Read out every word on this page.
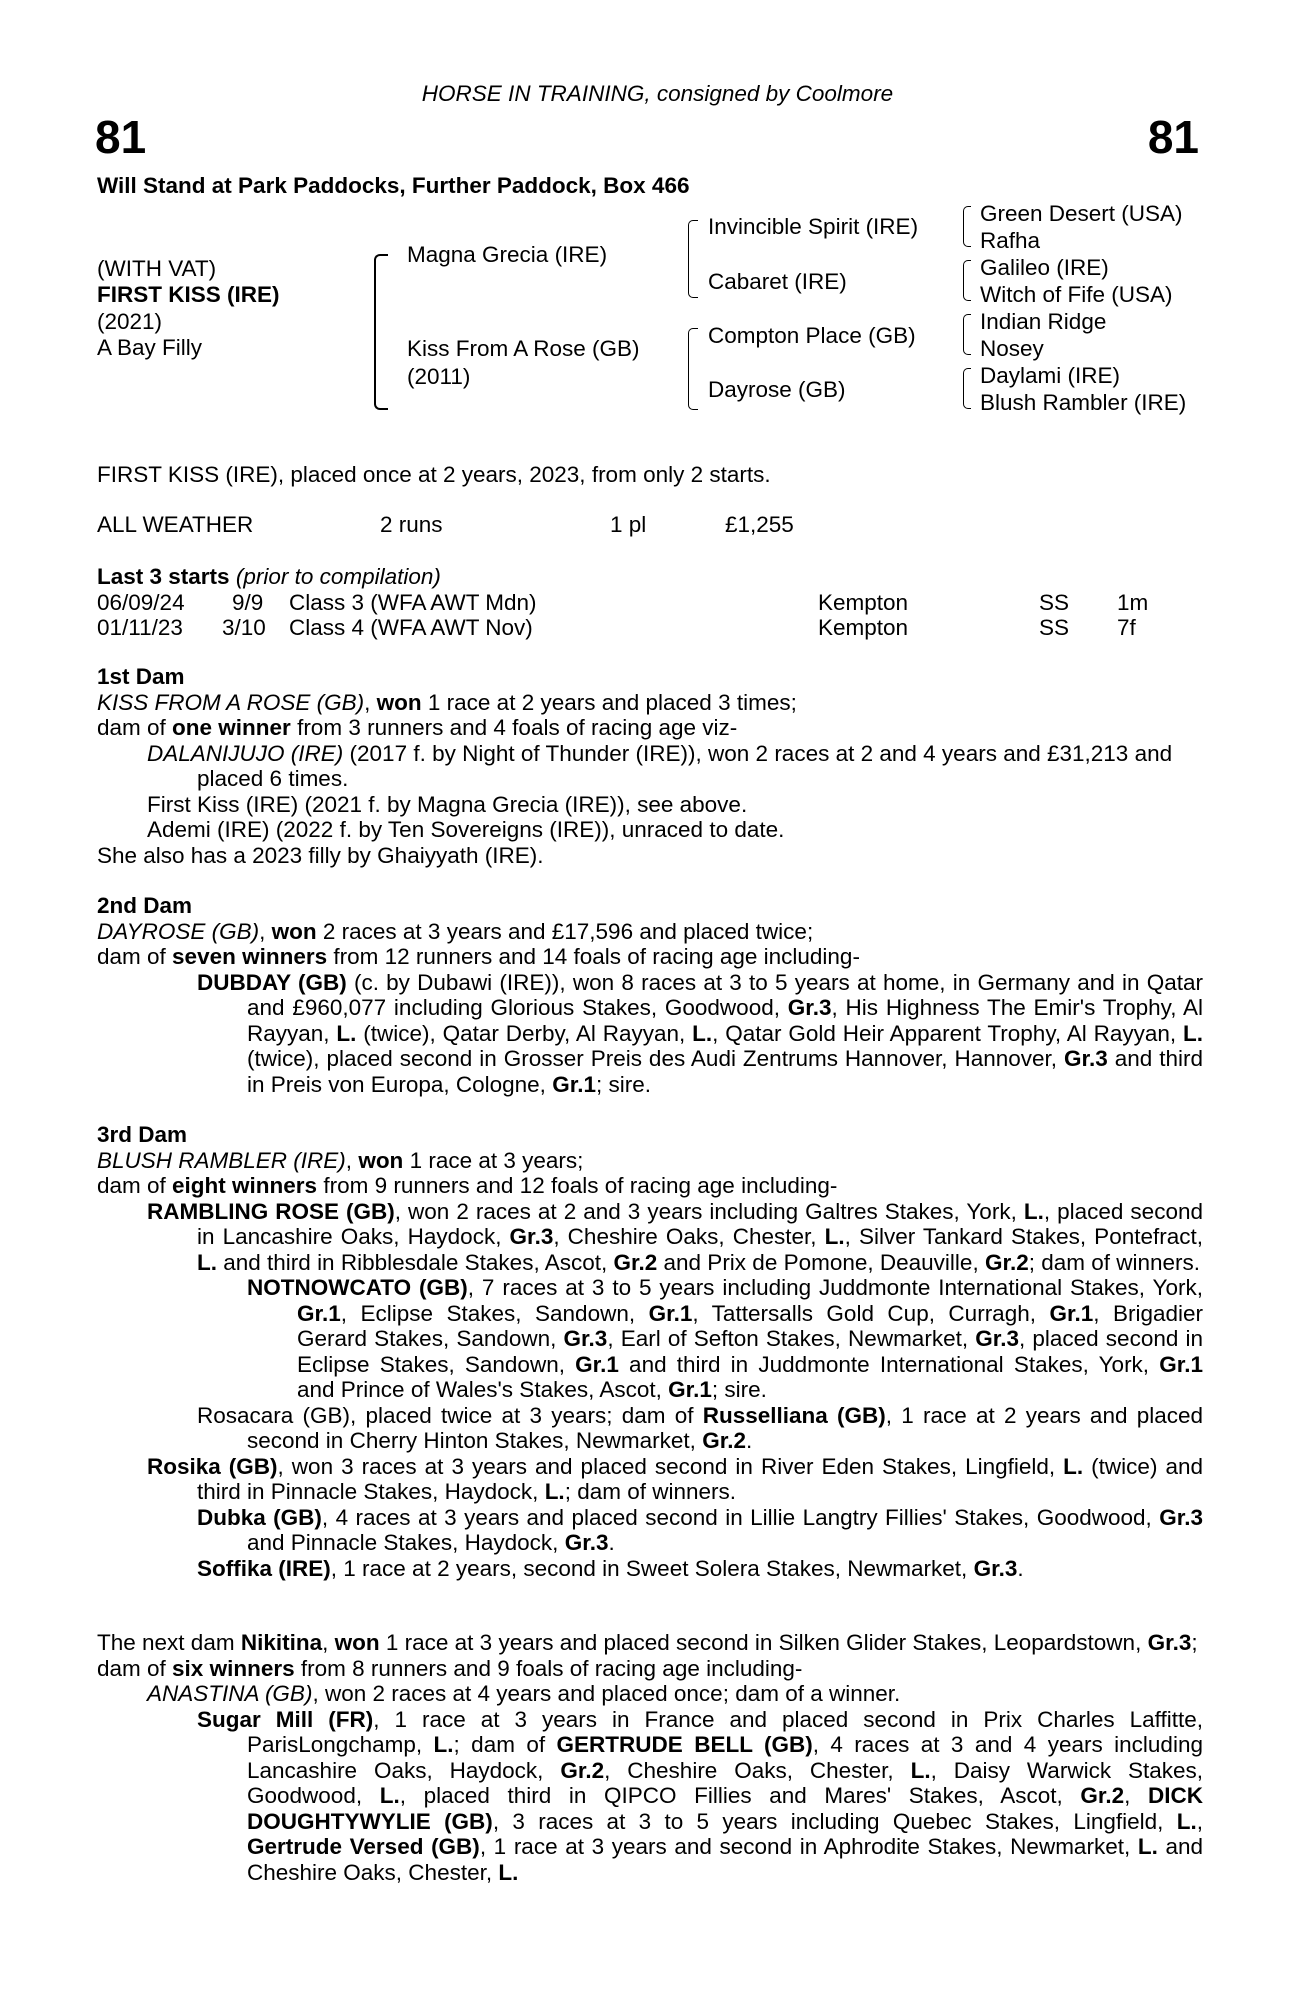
HORSE IN TRAINING, consigned by Coolmore
81	81
Will Stand at Park Paddocks, Further Paddock, Box 466
(WITH VAT)
FIRST KISS (IRE)
(2021)
A Bay Filly
Magna Grecia (IRE)
Kiss From A Rose (GB)
(2011)
Invincible Spirit (IRE)
Cabaret (IRE)
Compton Place (GB)
Dayrose (GB)
Green Desert (USA)
Rafha
Galileo (IRE)
Witch of Fife (USA)
Indian Ridge
Nosey
Daylami (IRE)
Blush Rambler (IRE)
FIRST KISS (IRE), placed once at 2 years, 2023, from only 2 starts.
ALL WEATHER	2 runs	1 pl	£1,255
Last 3 starts (prior to compilation)
06/09/24 9/9 Class 3 (WFA AWT Mdn)	Kempton	SS 1m
01/11/23 3/10 Class 4 (WFA AWT Nov)	Kempton	SS 7f

1st Dam

KISS FROM A ROSE (GB), won 1 race at 2 years and placed 3 times;

dam of one winner from 3 runners and 4 foals of racing age viz-

DALANIJUJO (IRE) (2017 f. by Night of Thunder (IRE)), won 2 races at 2 and 4 years and £31,213 and placed 6 times.

First Kiss (IRE) (2021 f. by Magna Grecia (IRE)), see above.

Ademi (IRE) (2022 f. by Ten Sovereigns (IRE)), unraced to date.

She also has a 2023 filly by Ghaiyyath (IRE).

2nd Dam

DAYROSE (GB), won 2 races at 3 years and £17,596 and placed twice;

dam of seven winners from 12 runners and 14 foals of racing age including-

DUBDAY (GB) (c. by Dubawi (IRE)), won 8 races at 3 to 5 years at home, in Germany and in Qatar and £960,077 including Glorious Stakes, Goodwood, Gr.3, His Highness The Emir's Trophy, Al Rayyan, L. (twice), Qatar Derby, Al Rayyan, L., Qatar Gold Heir Apparent Trophy, Al Rayyan, L. (twice), placed second in Grosser Preis des Audi Zentrums Hannover, Hannover, Gr.3 and third in Preis von Europa, Cologne, Gr.1; sire.

3rd Dam

BLUSH RAMBLER (IRE), won 1 race at 3 years;

dam of eight winners from 9 runners and 12 foals of racing age including-

RAMBLING ROSE (GB), won 2 races at 2 and 3 years including Galtres Stakes, York, L., placed second in Lancashire Oaks, Haydock, Gr.3, Cheshire Oaks, Chester, L., Silver Tankard Stakes, Pontefract, L. and third in Ribblesdale Stakes, Ascot, Gr.2 and Prix de Pomone, Deauville, Gr.2; dam of winners.

NOTNOWCATO (GB), 7 races at 3 to 5 years including Juddmonte International Stakes, York, Gr.1, Eclipse Stakes, Sandown, Gr.1, Tattersalls Gold Cup, Curragh, Gr.1, Brigadier Gerard Stakes, Sandown, Gr.3, Earl of Sefton Stakes, Newmarket, Gr.3, placed second in Eclipse Stakes, Sandown, Gr.1 and third in Juddmonte International Stakes, York, Gr.1 and Prince of Wales's Stakes, Ascot, Gr.1; sire.

Rosacara (GB), placed twice at 3 years; dam of Russelliana (GB), 1 race at 2 years and placed second in Cherry Hinton Stakes, Newmarket, Gr.2.

Rosika (GB), won 3 races at 3 years and placed second in River Eden Stakes, Lingfield, L. (twice) and third in Pinnacle Stakes, Haydock, L.; dam of winners.

Dubka (GB), 4 races at 3 years and placed second in Lillie Langtry Fillies' Stakes, Goodwood, Gr.3 and Pinnacle Stakes, Haydock, Gr.3.

Soffika (IRE), 1 race at 2 years, second in Sweet Solera Stakes, Newmarket, Gr.3.

The next dam Nikitina, won 1 race at 3 years and placed second in Silken Glider Stakes, Leopardstown, Gr.3;

dam of six winners from 8 runners and 9 foals of racing age including-

ANASTINA (GB), won 2 races at 4 years and placed once; dam of a winner.

Sugar Mill (FR), 1 race at 3 years in France and placed second in Prix Charles Laffitte, ParisLongchamp, L.; dam of GERTRUDE BELL (GB), 4 races at 3 and 4 years including Lancashire Oaks, Haydock, Gr.2, Cheshire Oaks, Chester, L., Daisy Warwick Stakes, Goodwood, L., placed third in QIPCO Fillies and Mares' Stakes, Ascot, Gr.2, DICK DOUGHTYWYLIE (GB), 3 races at 3 to 5 years including Quebec Stakes, Lingfield, L., Gertrude Versed (GB), 1 race at 3 years and second in Aphrodite Stakes, Newmarket, L. and Cheshire Oaks, Chester, L.
